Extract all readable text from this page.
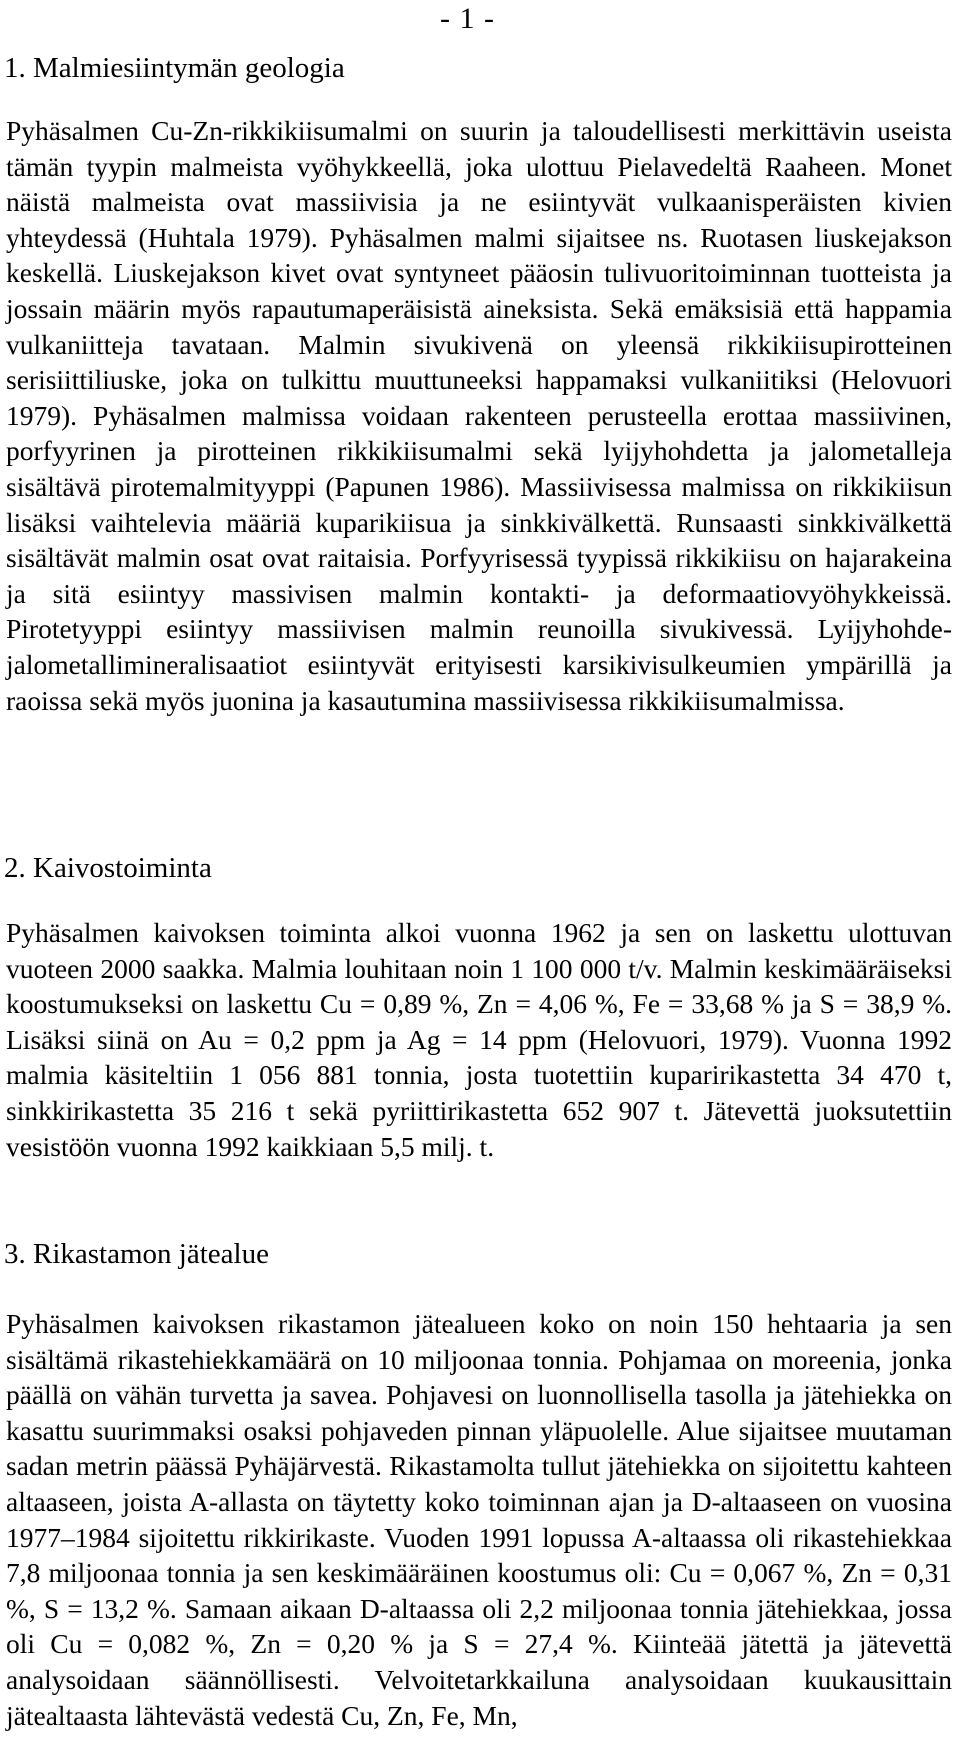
- 1 -
1. Malmiesiintymän geologia

Pyhäsalmen Cu-Zn-rikkikiisumalmi on suurin ja taloudellisesti merkittävin useista tämän tyypin malmeista vyöhykkeellä, joka ulottuu Pielavedeltä Raaheen. Monet näistä malmeista ovat massiivisia ja ne esiintyvät vulkaanisperäisten kivien yhteydessä (Huhtala 1979). Pyhäsalmen malmi sijaitsee ns. Ruotasen liuskejakson keskellä. Liuskejakson kivet ovat syntyneet pääosin tulivuoritoiminnan tuotteista ja jossain määrin myös rapautumaperäisistä aineksista. Sekä emäksisiä että happamia vulkaniitteja tavataan. Malmin sivukivenä on yleensä rikkikiisupirotteinen serisiittiliuske, joka on tulkittu muuttuneeksi happamaksi vulkaniitiksi (Helovuori 1979). Pyhäsalmen malmissa voidaan rakenteen perusteella erottaa massiivinen, porfyyrinen ja pirotteinen rikkikiisumalmi sekä lyijyhohdetta ja jalometalleja sisältävä pirotemalmityyppi (Papunen 1986). Massiivisessa malmissa on rikkikiisun lisäksi vaihtelevia määriä kuparikiisua ja sinkkivälkettä. Runsaasti sinkkivälkettä sisältävät malmin osat ovat raitaisia. Porfyyrisessä tyypissä rikkikiisu on hajarakeina ja sitä esiintyy massivisen malmin kontakti- ja deformaatiovyöhykkeissä. Pirotetyyppi esiintyy massiivisen malmin reunoilla sivukivessä. Lyijyhohde-jalometallimineralisaatiot esiintyvät erityisesti karsikivisulkeumien ympärillä ja raoissa sekä myös juonina ja kasautumina massiivisessa rikkikiisumalmissa.

2. Kaivostoiminta

Pyhäsalmen kaivoksen toiminta alkoi vuonna 1962 ja sen on laskettu ulottuvan vuoteen 2000 saakka. Malmia louhitaan noin 1 100 000 t/v. Malmin keskimääräiseksi koostumukseksi on laskettu Cu = 0,89 %, Zn = 4,06 %, Fe = 33,68 % ja S = 38,9 %. Lisäksi siinä on Au = 0,2 ppm ja Ag = 14 ppm (Helovuori, 1979). Vuonna 1992 malmia käsiteltiin 1 056 881 tonnia, josta tuotettiin kuparirikastetta 34 470 t, sinkkirikastetta 35 216 t sekä pyriittirikastetta 652 907 t. Jätevettä juoksutettiin vesistöön vuonna 1992 kaikkiaan 5,5 milj. t.

3. Rikastamon jätealue

Pyhäsalmen kaivoksen rikastamon jätealueen koko on noin 150 hehtaaria ja sen sisältämä rikastehiekkamäärä on 10 miljoonaa tonnia. Pohjamaa on moreenia, jonka päällä on vähän turvetta ja savea. Pohjavesi on luonnollisella tasolla ja jätehiekka on kasattu suurimmaksi osaksi pohjaveden pinnan yläpuolelle. Alue sijaitsee muutaman sadan metrin päässä Pyhäjärvestä. Rikastamolta tullut jätehiekka on sijoitettu kahteen altaaseen, joista A-allasta on täytetty koko toiminnan ajan ja D-altaaseen on vuosina 1977–1984 sijoitettu rikkirikaste. Vuoden 1991 lopussa A-altaassa oli rikastehiekkaa 7,8 miljoonaa tonnia ja sen keskimääräinen koostumus oli: Cu = 0,067 %, Zn = 0,31 %, S = 13,2 %. Samaan aikaan D-altaassa oli 2,2 miljoonaa tonnia jätehiekkaa, jossa oli Cu = 0,082 %, Zn = 0,20 % ja S = 27,4 %. Kiinteää jätettä ja jätevettä analysoidaan säännöllisesti. Velvoitetarkkailuna analysoidaan kuukausittain jätealtaasta lähtevästä vedestä Cu, Zn, Fe, Mn,
